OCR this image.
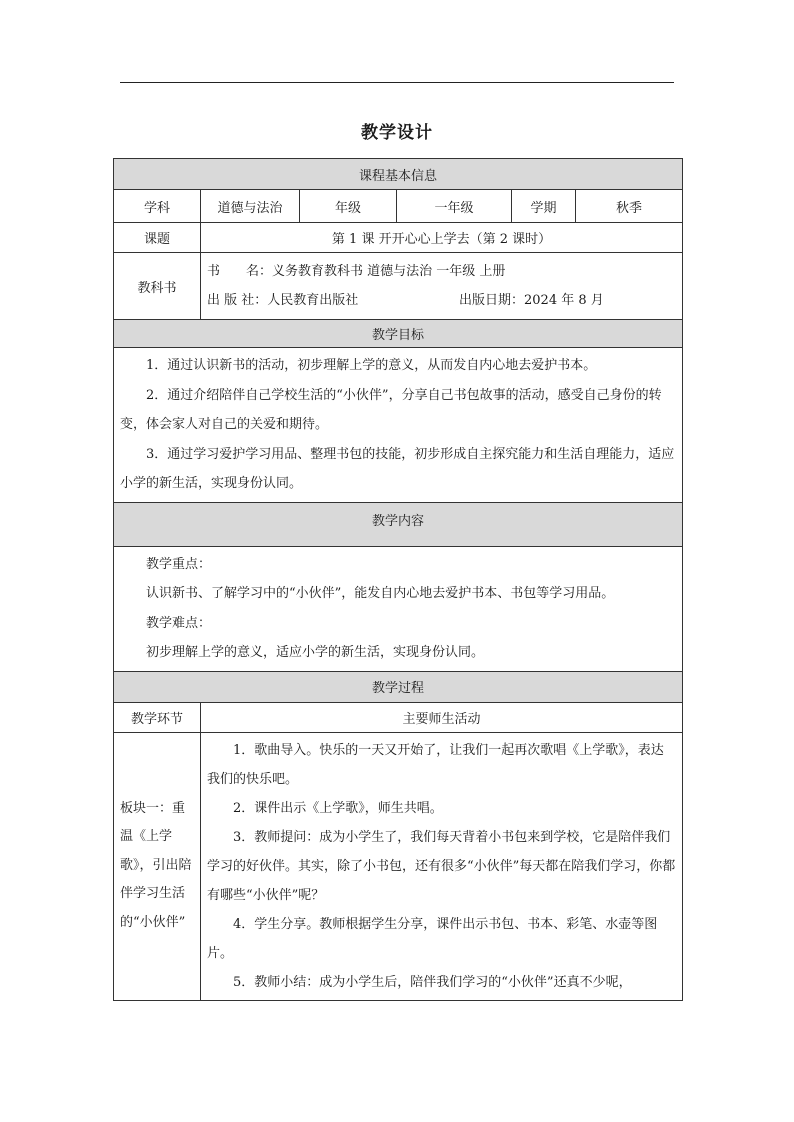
教学设计
课程基本信息					
学科	道德与法治	年级	一年级	学期	秋季
课题	第 1 课 开开心心上学去（第 2 课时）				
教科书	书　　名：义务教育教科书 道德与法治 一年级 上册
出 版 社：人民教育出版社 出版日期：2024 年 8 月				

教学目标					

1．通过认识新书的活动，初步理解上学的意义，从而发自内心地去爱护书本。

2．通过介绍陪伴自己学校生活的“小伙伴”，分享自己书包故事的活动，感受自己身份的转变，体会家人对自己的关爱和期待。

3．通过学习爱护学习用品、整理书包的技能，初步形成自主探究能力和生活自理能力，适应小学的新生活，实现身份认同。					

教学内容					

教学重点：

认识新书、了解学习中的“小伙伴”，能发自内心地去爱护书本、书包等学习用品。

教学难点：

初步理解上学的意义，适应小学的新生活，实现身份认同。					

教学过程					
教学环节	主要师生活动				
板块一：重温《上学歌》，引出陪伴学习生活的“小伙伴”	1．歌曲导入。快乐的一天又开始了，让我们一起再次歌唱《上学歌》，表达我们的快乐吧。

2．课件出示《上学歌》，师生共唱。

3．教师提问：成为小学生了，我们每天背着小书包来到学校，它是陪伴我们学习的好伙伴。其实，除了小书包，还有很多“小伙伴”每天都在陪我们学习，你都有哪些“小伙伴”呢？

4．学生分享。教师根据学生分享，课件出示书包、书本、彩笔、水壶等图片。

5．教师小结：成为小学生后，陪伴我们学习的“小伙伴”还真不少呢，				
